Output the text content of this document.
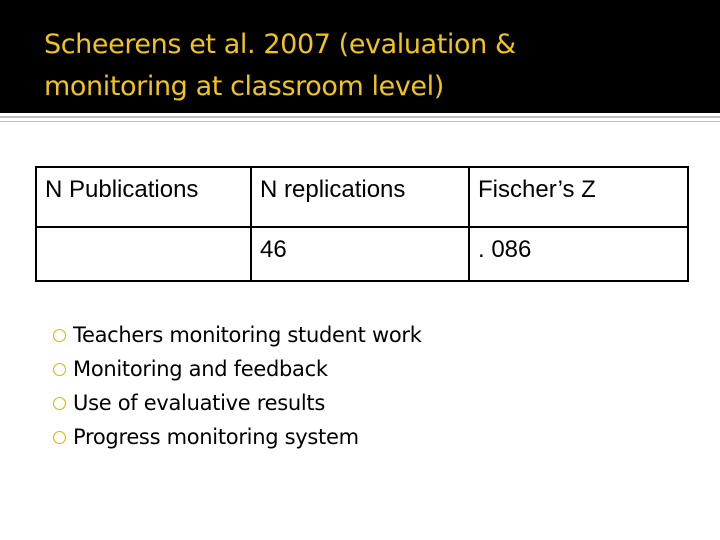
Scheerens et al. 2007 (evaluation & monitoring at classroom level)
N Publications	N replications	Fischer’s Z
	46	. 086
Teachers monitoring student work
Monitoring and feedback
Use of evaluative results
Progress monitoring system
